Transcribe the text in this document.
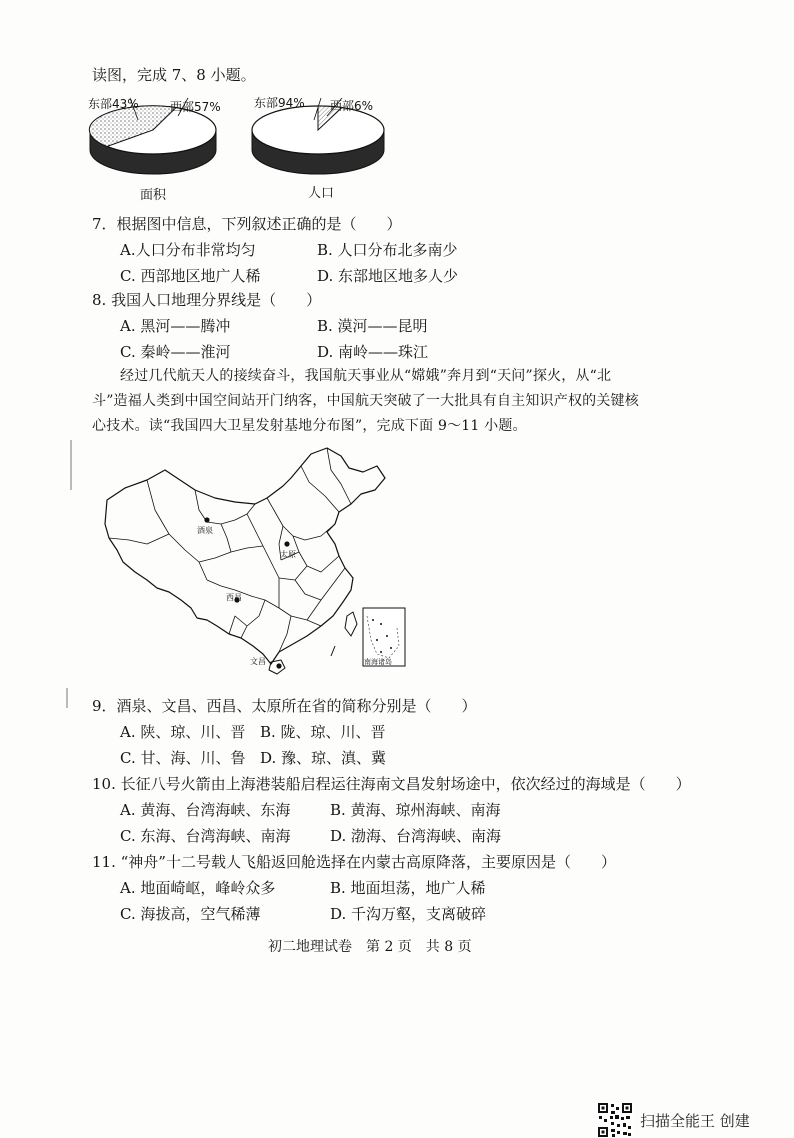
读图，完成 7、8 小题。
东部43%	西部57%
面积
东部94% 西部6%
人口
7．根据图中信息，下列叙述正确的是（　　）
A.人口分布非常均匀	B. 人口分布北多南少
C. 西部地区地广人稀	D. 东部地区地多人少
8. 我国人口地理分界线是（　　）
A. 黑河——腾冲	B. 漠河——昆明
C. 秦岭——淮河	D. 南岭——珠江
经过几代航天人的接续奋斗，我国航天事业从“嫦娥”奔月到“天问”探火，从“北
斗”造福人类到中国空间站开门纳客，中国航天突破了一大批具有自主知识产权的关键核
心技术。读“我国四大卫星发射基地分布图”，完成下面 9～11 小题。
酒泉
太原
西昌
文昌	南海诸岛
9．酒泉、文昌、西昌、太原所在省的简称分别是（　　）
A. 陕、琼、川、晋 B. 陇、琼、川、晋
C. 甘、海、川、鲁 D. 豫、琼、滇、冀
10. 长征八号火箭由上海港装船启程运往海南文昌发射场途中，依次经过的海域是（　　）
A. 黄海、台湾海峡、东海	B. 黄海、琼州海峡、南海
C. 东海、台湾海峡、南海	D. 渤海、台湾海峡、南海
11. “神舟”十二号载人飞船返回舱选择在内蒙古高原降落，主要原因是（　　）
A. 地面崎岖，峰岭众多	B. 地面坦荡，地广人稀
C. 海拔高，空气稀薄	D. 千沟万壑，支离破碎
初二地理试卷　第 2 页　共 8 页
扫描全能王 创建
